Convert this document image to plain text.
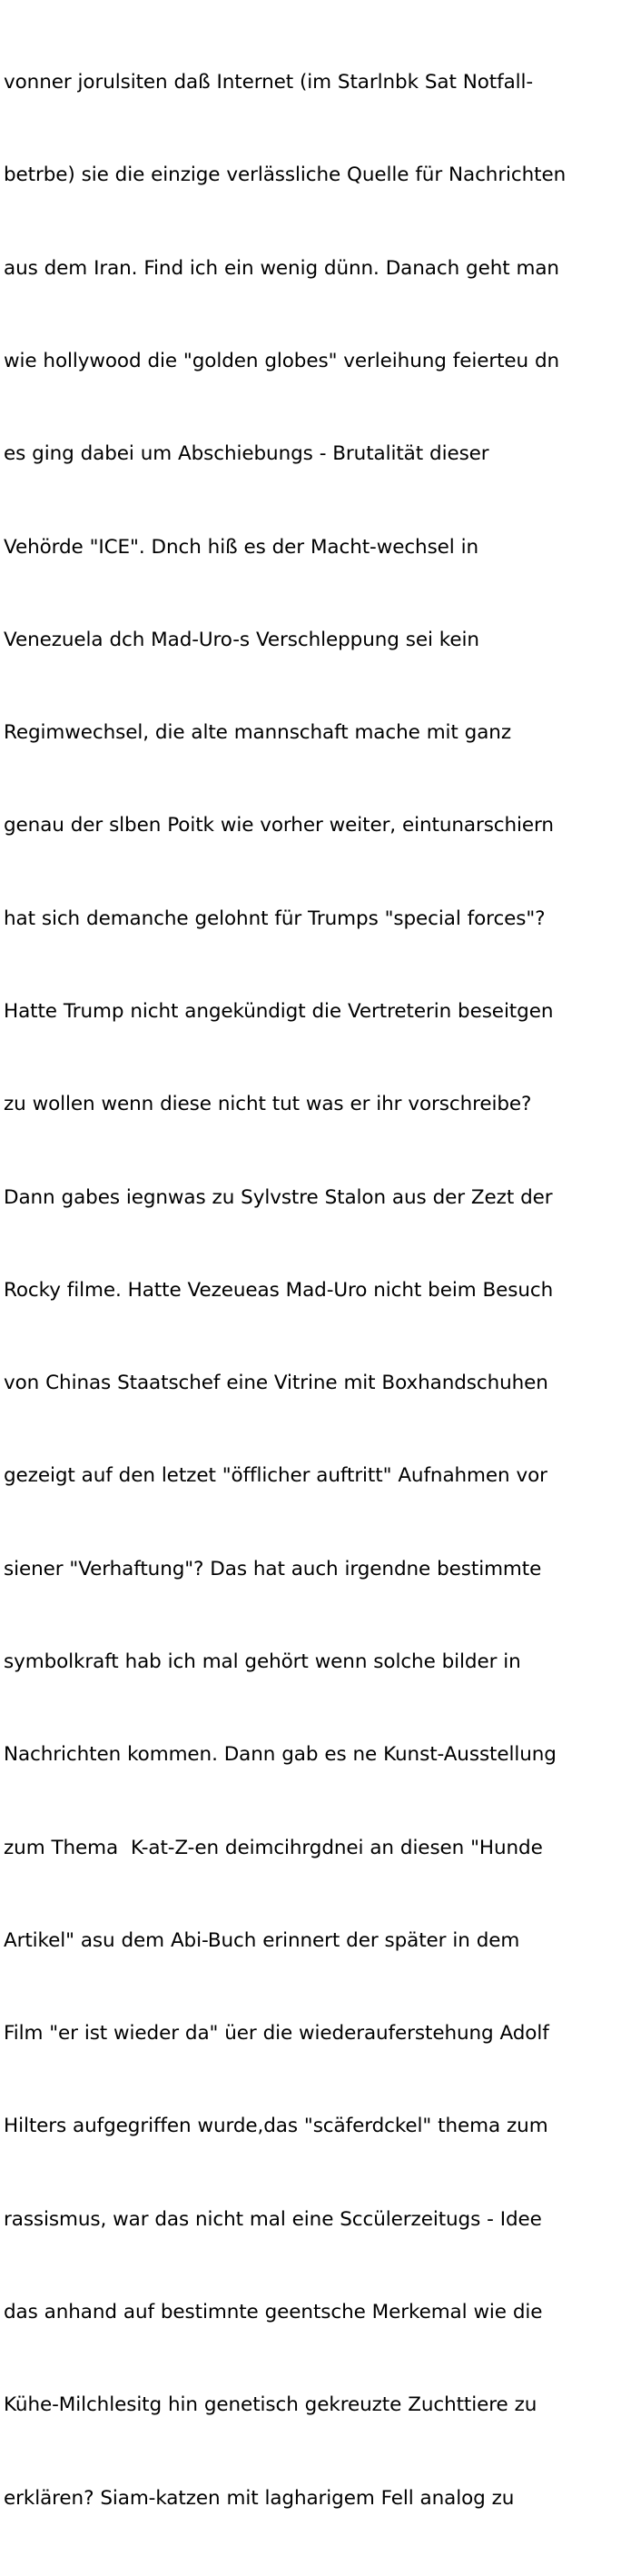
vonner jorulsiten daß Internet (im Starlnbk Sat Notfall-

betrbe) sie die einzige verlässliche Quelle für Nachrichten

aus dem Iran. Find ich ein wenig dünn. Danach geht man

wie hollywood die "golden globes" verleihung feierteu dn

es ging dabei um Abschiebungs - Brutalität dieser

Vehörde "ICE". Dnch hiß es der Macht-wechsel in

Venezuela dch Mad-Uro-s Verschleppung sei kein

Regimwechsel, die alte mannschaft mache mit ganz

genau der slben Poitk wie vorher weiter, eintunarschiern

hat sich demanche gelohnt für Trumps "special forces"?

Hatte Trump nicht angekündigt die Vertreterin beseitgen

zu wollen wenn diese nicht tut was er ihr vorschreibe?

Dann gabes iegnwas zu Sylvstre Stalon aus der Zezt der

Rocky filme. Hatte Vezeueas Mad-Uro nicht beim Besuch

von Chinas Staatschef eine Vitrine mit Boxhandschuhen

gezeigt auf den letzet "öfflicher auftritt" Aufnahmen vor

siener "Verhaftung"? Das hat auch irgendne bestimmte

symbolkraft hab ich mal gehört wenn solche bilder in

Nachrichten kommen. Dann gab es ne Kunst-Ausstellung

zum Thema  K-at-Z-en deimcihrgdnei an diesen "Hunde

Artikel" asu dem Abi-Buch erinnert der später in dem

Film "er ist wieder da" üer die wiederauferstehung Adolf

Hilters aufgegriffen wurde,das "scäferdckel" thema zum

rassismus, war das nicht mal eine Sccülerzeitugs - Idee

das anhand auf bestimnte geentsche Merkemal wie die

Kühe-Milchlesitg hin genetisch gekreuzte Zuchttiere zu

erklären? Siam-katzen mit lagharigem Fell analog zu
